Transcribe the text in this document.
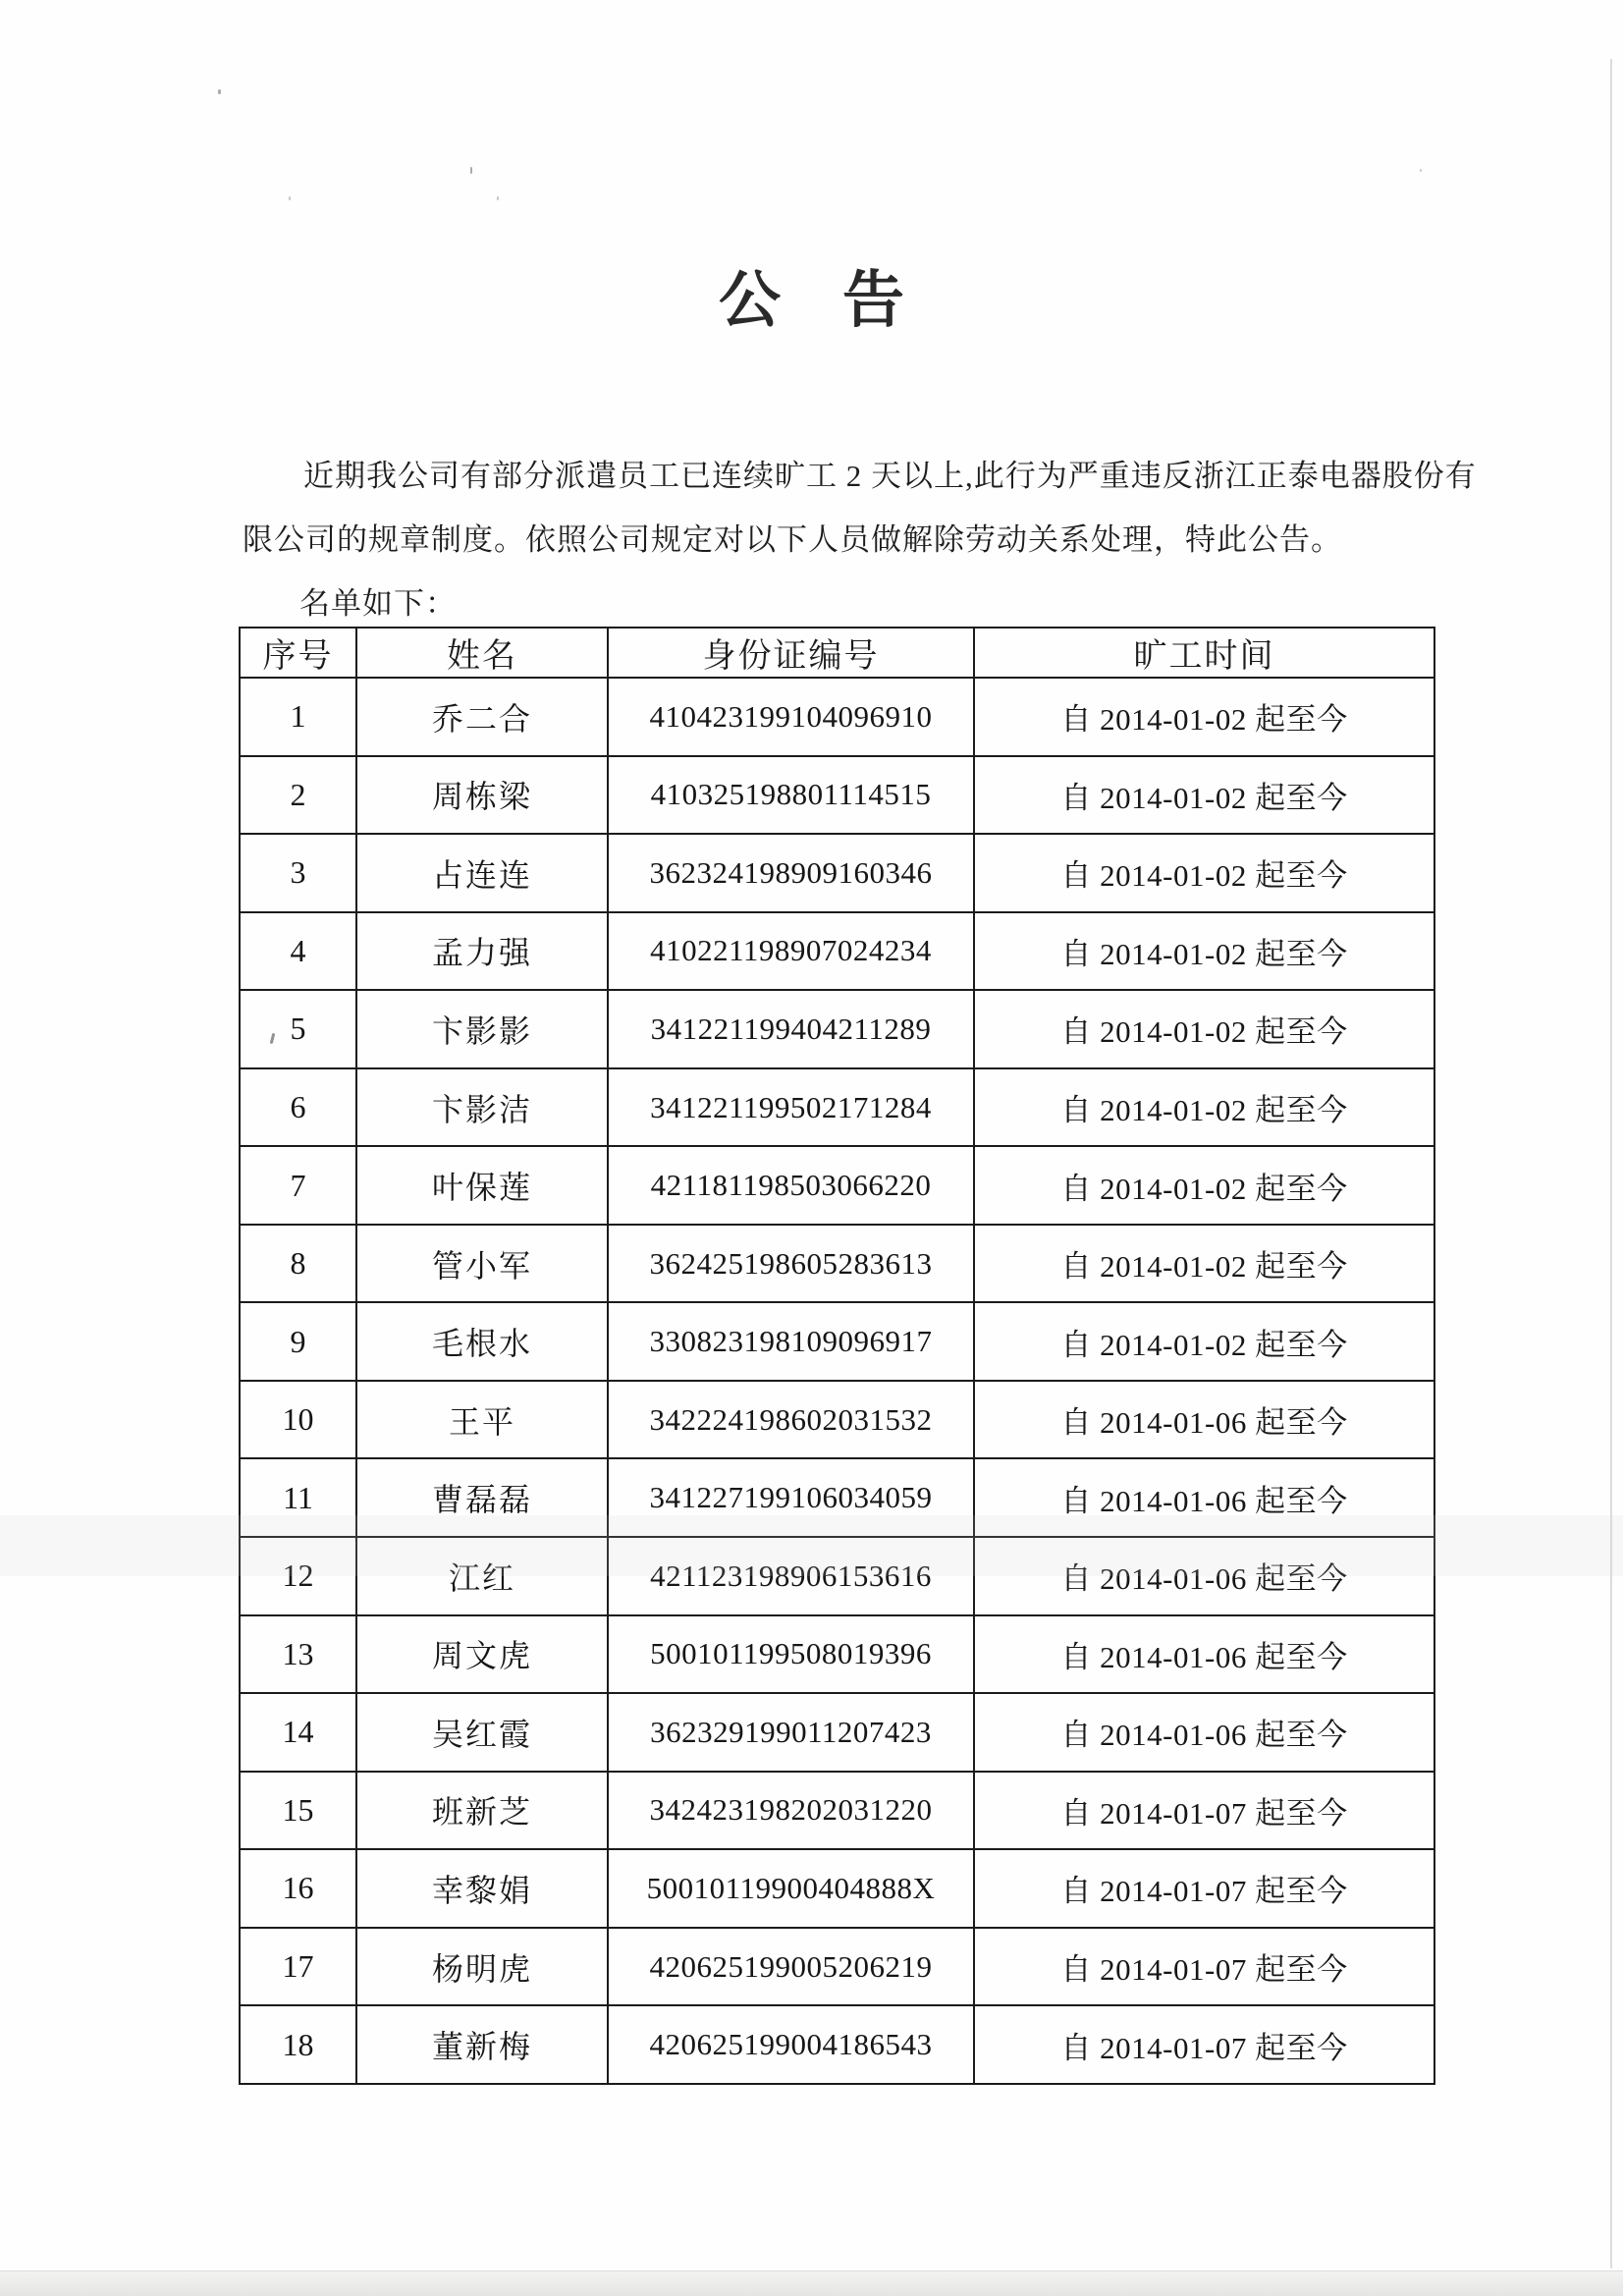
公　告
近期我公司有部分派遣员工已连续旷工 2 天以上,此行为严重违反浙江正泰电器股份有
限公司的规章制度。依照公司规定对以下人员做解除劳动关系处理，特此公告。
名单如下：
序号	姓名	身份证编号	旷工时间
1	乔二合	410423199104096910	自 2014-01-02 起至今
2	周栋梁	410325198801114515	自 2014-01-02 起至今
3	占连连	362324198909160346	自 2014-01-02 起至今
4	孟力强	410221198907024234	自 2014-01-02 起至今
5	卞影影	341221199404211289	自 2014-01-02 起至今
6	卞影洁	341221199502171284	自 2014-01-02 起至今
7	叶保莲	421181198503066220	自 2014-01-02 起至今
8	管小军	362425198605283613	自 2014-01-02 起至今
9	毛根水	330823198109096917	自 2014-01-02 起至今
10	王平	342224198602031532	自 2014-01-06 起至今
11	曹磊磊	341227199106034059	自 2014-01-06 起至今
12	江红	421123198906153616	自 2014-01-06 起至今
13	周文虎	500101199508019396	自 2014-01-06 起至今
14	吴红霞	362329199011207423	自 2014-01-06 起至今
15	班新芝	342423198202031220	自 2014-01-07 起至今
16	幸黎娟	50010119900404888X	自 2014-01-07 起至今
17	杨明虎	420625199005206219	自 2014-01-07 起至今
18	董新梅	420625199004186543	自 2014-01-07 起至今
